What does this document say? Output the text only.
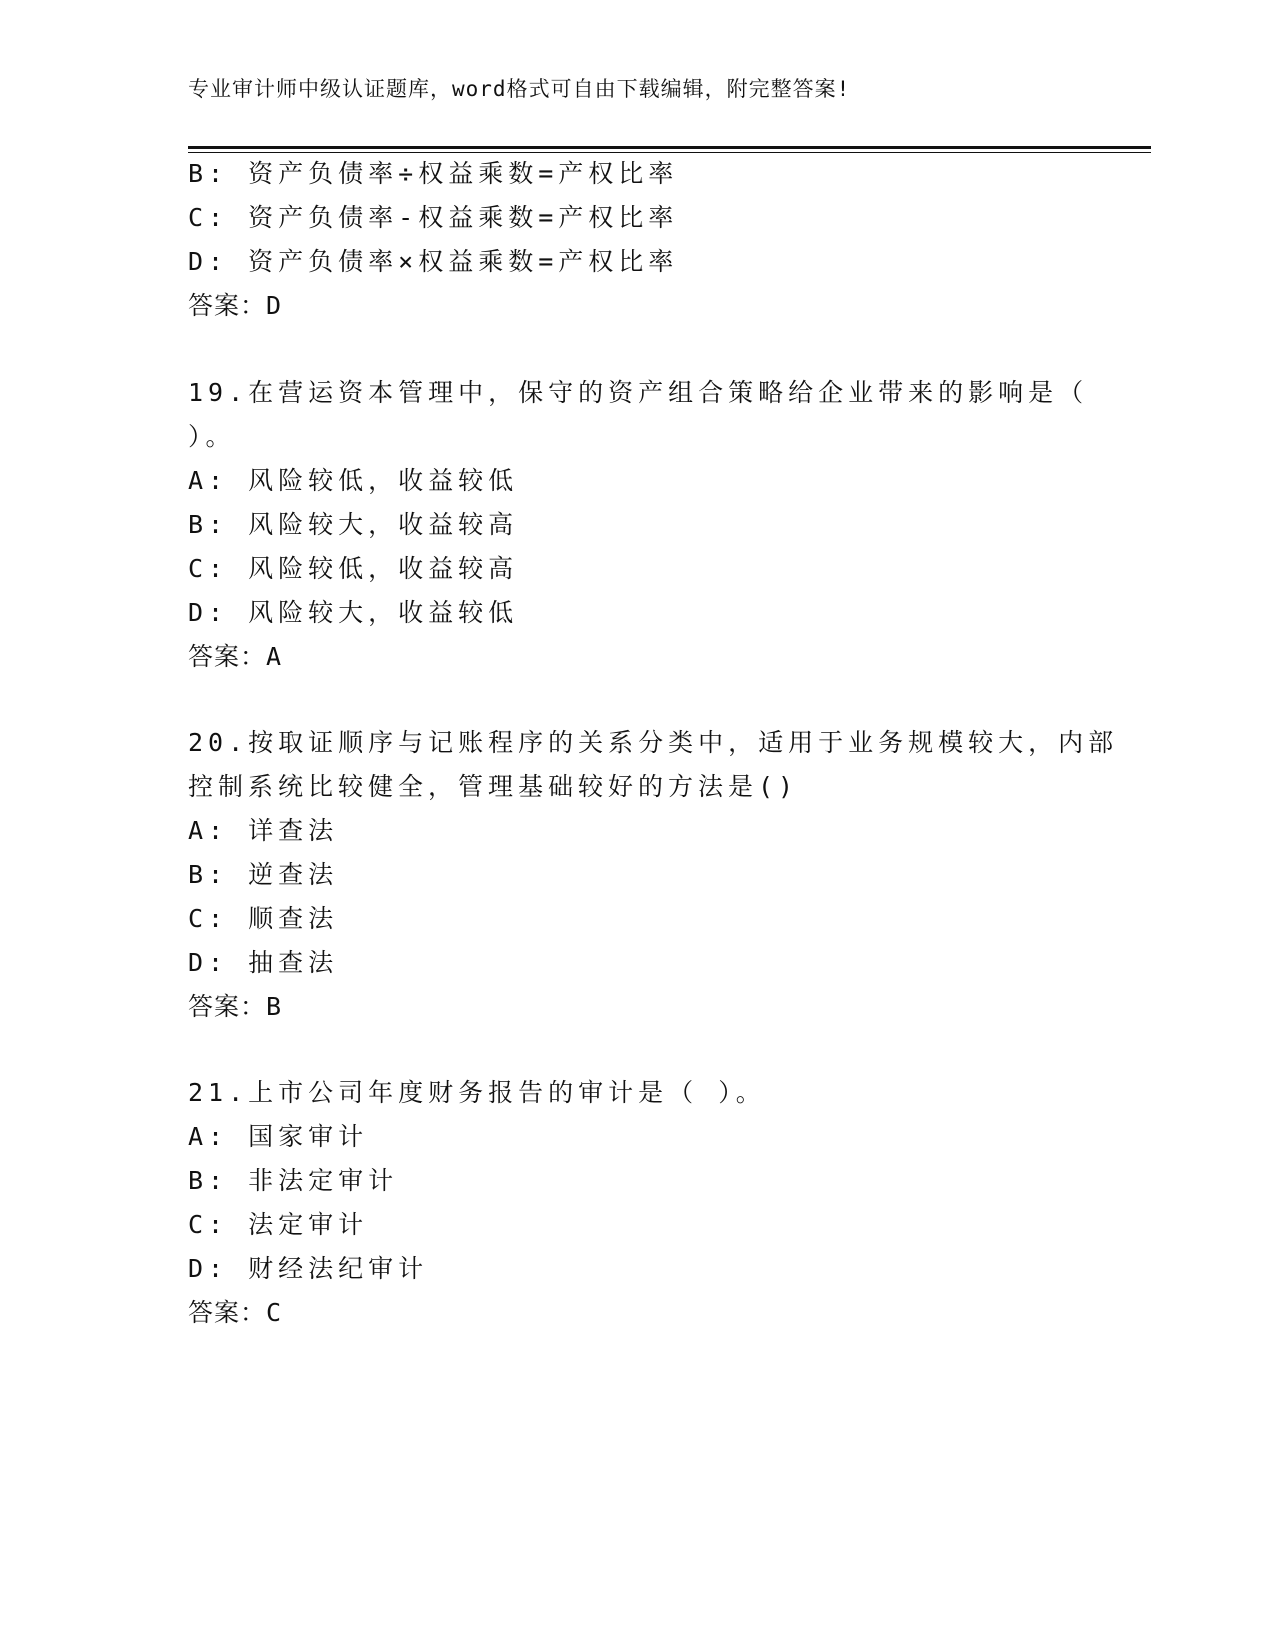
专业审计师中级认证题库，word格式可自由下载编辑，附完整答案!
B: 资产负债率÷权益乘数=产权比率
C: 资产负债率-权益乘数=产权比率
D: 资产负债率×权益乘数=产权比率
答案：D
19.在营运资本管理中，保守的资产组合策略给企业带来的影响是（
）。
A: 风险较低，收益较低
B: 风险较大，收益较高
C: 风险较低，收益较高
D: 风险较大，收益较低
答案：A
20.按取证顺序与记账程序的关系分类中，适用于业务规模较大，内部
控制系统比较健全，管理基础较好的方法是()
A: 详查法
B: 逆查法
C: 顺查法
D: 抽查法
答案：B
21.上市公司年度财务报告的审计是（ ）。
A: 国家审计
B: 非法定审计
C: 法定审计
D: 财经法纪审计
答案：C
